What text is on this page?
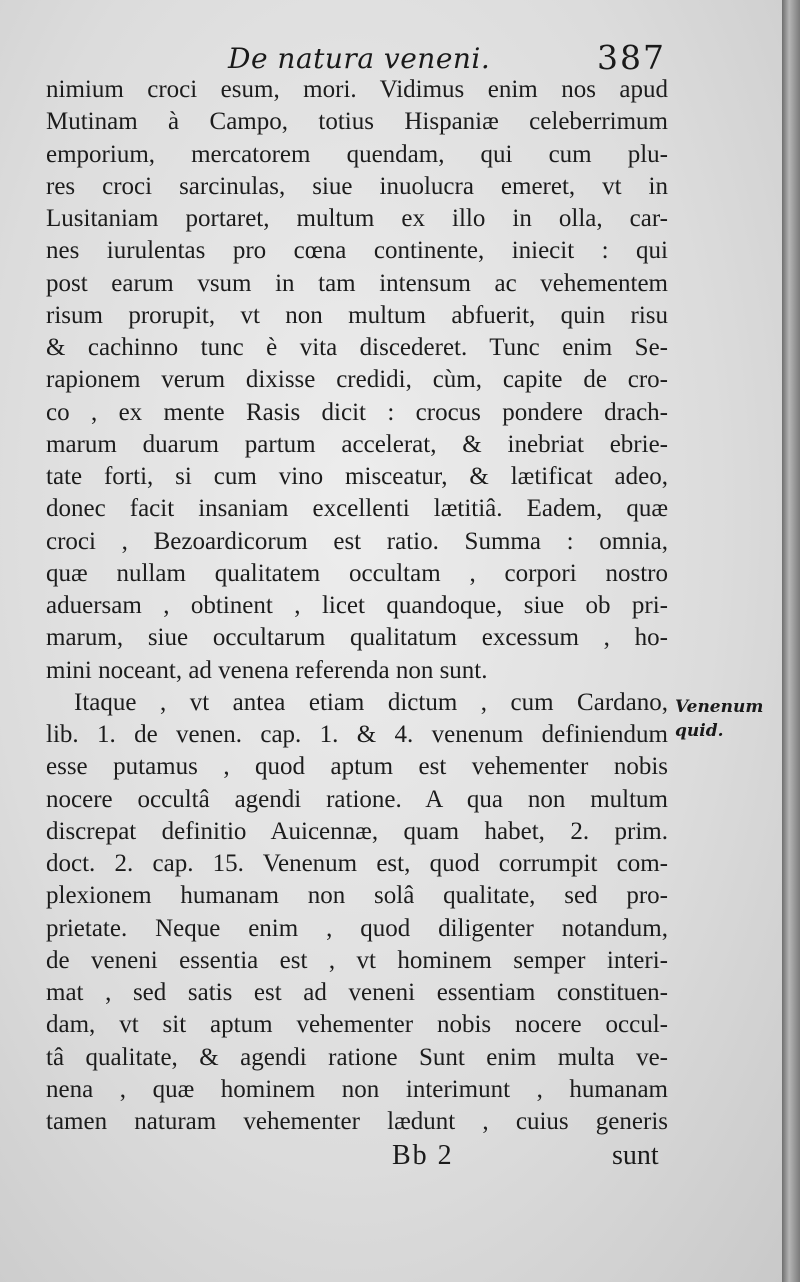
De natura veneni.	387
nimium croci esum, mori. Vidimus enim nos apud
Mutinam à Campo, totius Hispaniæ celeberrimum
emporium, mercatorem quendam, qui cum plu-
res croci sarcinulas, siue inuolucra emeret, vt in
Lusitaniam portaret, multum ex illo in olla, car-
nes iurulentas pro cœna continente, iniecit : qui
post earum vsum in tam intensum ac vehementem
risum prorupit, vt non multum abfuerit, quin risu
& cachinno tunc è vita discederet. Tunc enim Se-
rapionem verum dixisse credidi, cùm, capite de cro-
co , ex mente Rasis dicit : crocus pondere drach-
marum duarum partum accelerat, & inebriat ebrie-
tate forti, si cum vino misceatur, & lætificat adeo,
donec facit insaniam excellenti lætitiâ. Eadem, quæ
croci , Bezoardicorum est ratio. Summa : omnia,
quæ nullam qualitatem occultam , corpori nostro
aduersam , obtinent , licet quandoque, siue ob pri-
marum, siue occultarum qualitatum excessum , ho-
mini noceant, ad venena referenda non sunt.
Itaque , vt antea etiam dictum , cum Cardano,
lib. 1. de venen. cap. 1. & 4. venenum definiendum
esse putamus , quod aptum est vehementer nobis
nocere occultâ agendi ratione. A qua non multum
discrepat definitio Auicennæ, quam habet, 2. prim.
doct. 2. cap. 15. Venenum est, quod corrumpit com-
plexionem humanam non solâ qualitate, sed pro-
prietate. Neque enim , quod diligenter notandum,
de veneni essentia est , vt hominem semper interi-
mat , sed satis est ad veneni essentiam constituen-
dam, vt sit aptum vehementer nobis nocere occul-
tâ qualitate, & agendi ratione Sunt enim multa ve-
nena , quæ hominem non interimunt , humanam
tamen naturam vehementer lædunt , cuius generis
Venenum
quid.
Bb 2	sunt
